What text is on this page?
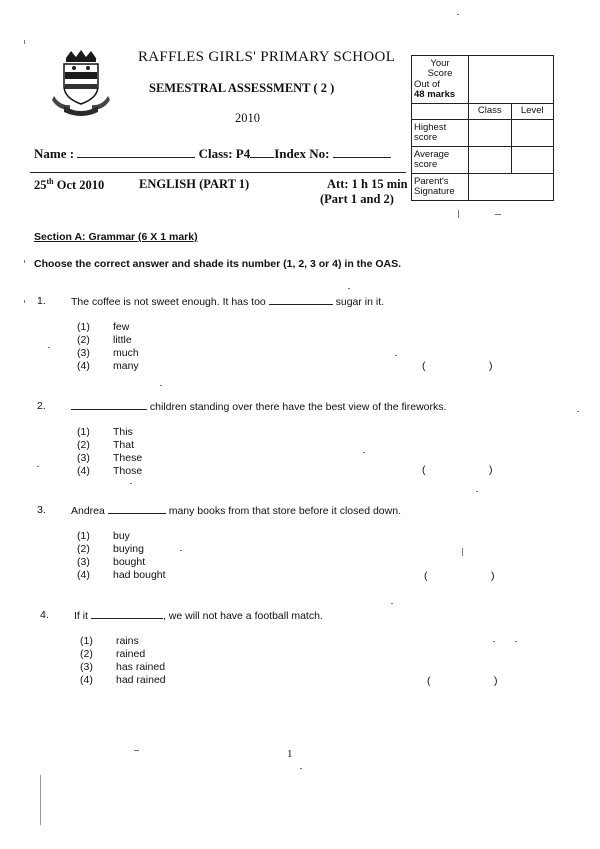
RAFFLES GIRLS' PRIMARY SCHOOL
SEMESTRAL ASSESSMENT ( 2 )
2010
Name :	Class: P4 Index No:
25th Oct 2010	ENGLISH (PART 1)	Att: 1 h 15 min
(Part 1 and 2)
Your
Score
Out of
48 marks		

	Class	Level
Highest score		
Average score		
Parent's Signature		
Section A: Grammar (6 X 1 mark)
Choose the correct answer and shade its number (1, 2, 3 or 4) in the OAS.
1. The coffee is not sweet enough. It has too	sugar in it.
(1) few
(2) little
(3) much
(4) many	(	)
2.	children standing over there have the best view of the fireworks.
(1) This
(2) That
(3) These
(4) Those	(	)
3. Andrea	many books from that store before it closed down.
(1) buy
(2) buying
(3) bought
(4) had bought	(	)
4. If it	, we will not have a football match.
(1) rains
(2) rained
(3) has rained
(4) had rained	(	)
1
